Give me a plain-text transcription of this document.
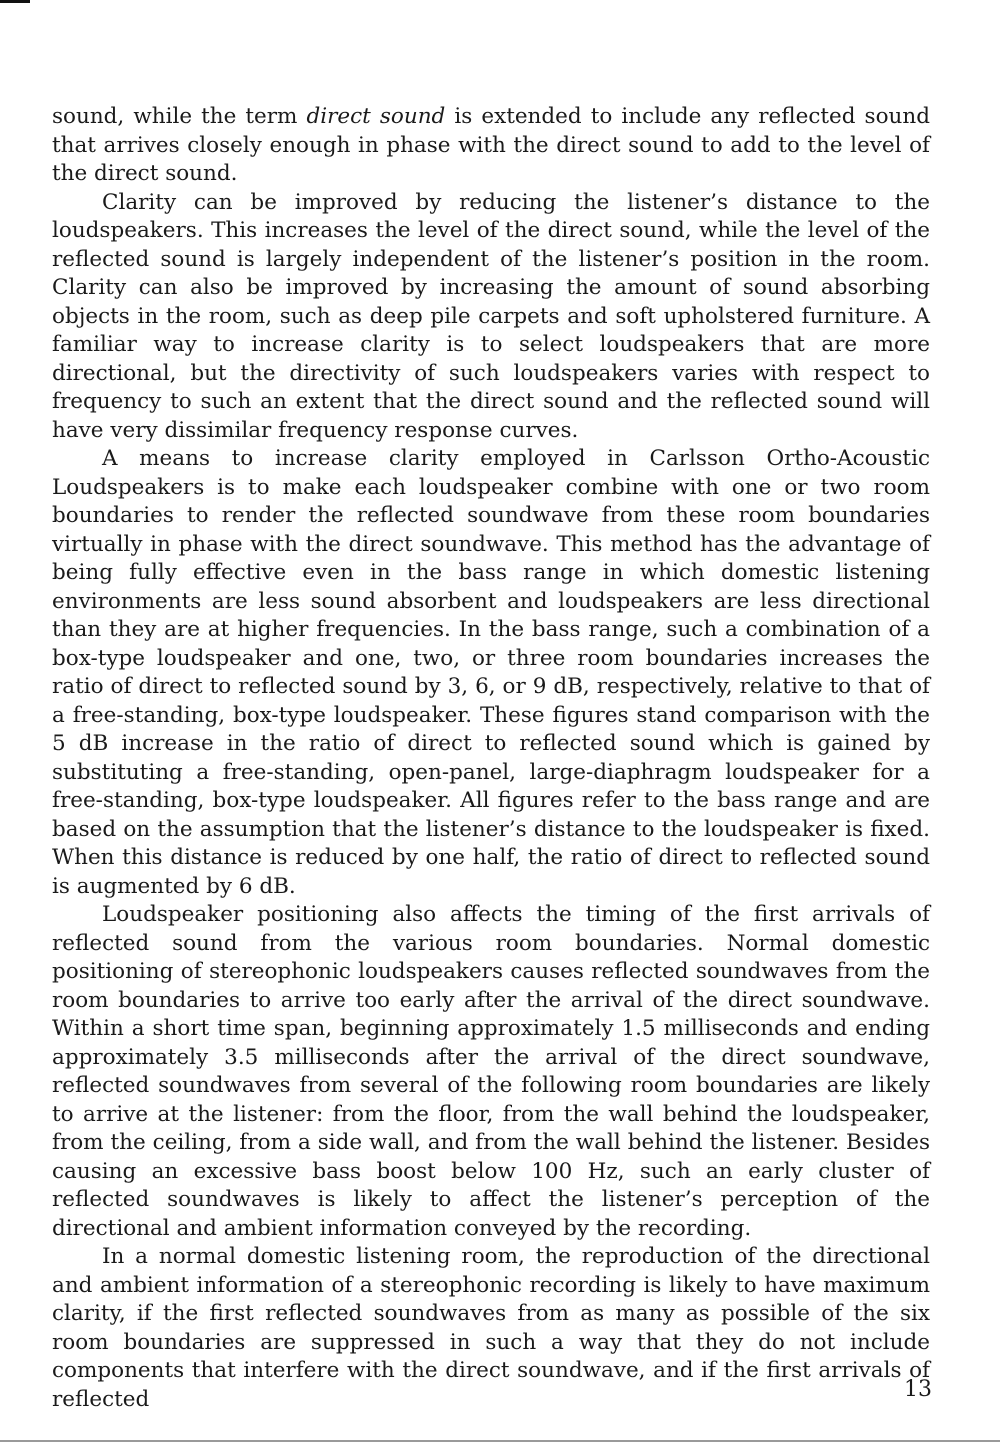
sound, while the term direct sound is extended to include any reflected sound that arrives closely enough in phase with the direct sound to add to the level of the direct sound.

Clarity can be improved by reducing the listener’s distance to the loudspeakers. This increases the level of the direct sound, while the level of the reflected sound is largely independent of the listener’s position in the room. Clarity can also be improved by increasing the amount of sound absorbing objects in the room, such as deep pile carpets and soft upholstered furniture. A familiar way to increase clarity is to select loudspeakers that are more directional, but the directivity of such loudspeakers varies with respect to frequency to such an extent that the direct sound and the reflected sound will have very dissimilar frequency response curves.

A means to increase clarity employed in Carlsson Ortho-Acoustic Loudspeakers is to make each loudspeaker combine with one or two room boundaries to render the reflected soundwave from these room boundaries virtually in phase with the direct soundwave. This method has the advantage of being fully effective even in the bass range in which domestic listening environments are less sound absorbent and loudspeakers are less directional than they are at higher frequencies. In the bass range, such a combination of a box-type loudspeaker and one, two, or three room boundaries increases the ratio of direct to reflected sound by 3, 6, or 9 dB, respectively, relative to that of a free-standing, box-type loudspeaker. These figures stand comparison with the 5 dB increase in the ratio of direct to reflected sound which is gained by substituting a free-standing, open-panel, large-diaphragm loudspeaker for a free-standing, box-type loudspeaker. All figures refer to the bass range and are based on the assumption that the listener’s distance to the loudspeaker is fixed. When this distance is reduced by one half, the ratio of direct to reflected sound is augmented by 6 dB.

Loudspeaker positioning also affects the timing of the first arrivals of reflected sound from the various room boundaries. Normal domestic positioning of stereophonic loudspeakers causes reflected soundwaves from the room boundaries to arrive too early after the arrival of the direct soundwave. Within a short time span, beginning approximately 1.5 milliseconds and ending approximately 3.5 milliseconds after the arrival of the direct soundwave, reflected soundwaves from several of the following room boundaries are likely to arrive at the listener: from the floor, from the wall behind the loudspeaker, from the ceiling, from a side wall, and from the wall behind the listener. Besides causing an excessive bass boost below 100 Hz, such an early cluster of reflected soundwaves is likely to affect the listener’s perception of the directional and ambient information conveyed by the recording.

In a normal domestic listening room, the reproduction of the directional and ambient information of a stereophonic recording is likely to have maximum clarity, if the first reflected soundwaves from as many as possible of the six room boundaries are suppressed in such a way that they do not include components that interfere with the direct soundwave, and if the first arrivals of reflected	13
